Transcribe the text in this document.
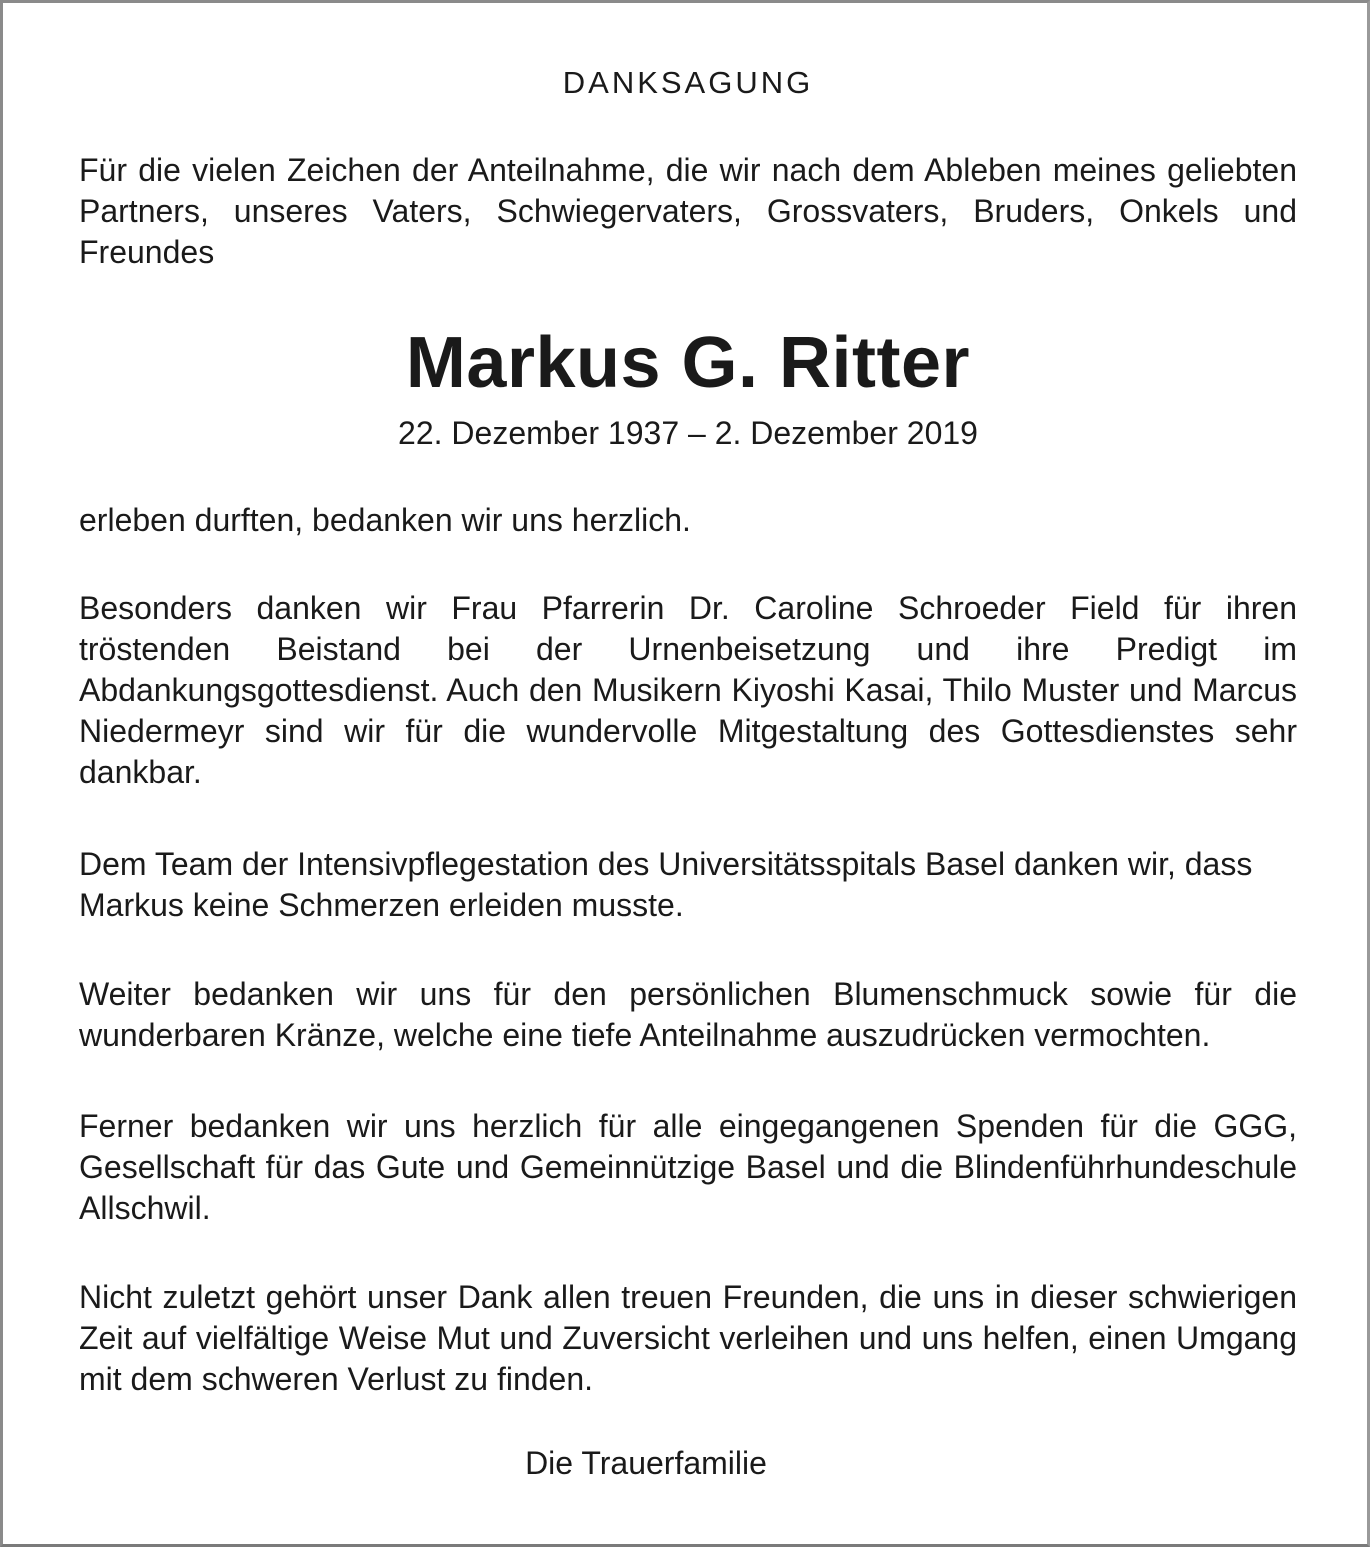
DANKSAGUNG

Für die vielen Zeichen der Anteilnahme, die wir nach dem Ableben meines geliebten Partners, unseres Vaters, Schwiegervaters, Grossvaters, Bruders, Onkels und Freundes

Markus G. Ritter
22. Dezember 1937 – 2. Dezember 2019

erleben durften, bedanken wir uns herzlich.

Besonders danken wir Frau Pfarrerin Dr. Caroline Schroeder Field für ihren tröstenden Beistand bei der Urnenbeisetzung und ihre Predigt im Abdankungsgottesdienst. Auch den Musikern Kiyoshi Kasai, Thilo Muster und Marcus Niedermeyr sind wir für die wundervolle Mitgestaltung des Gottesdienstes sehr dankbar.

Dem Team der Intensivpflegestation des Universitätsspitals Basel danken wir, dass Markus keine Schmerzen erleiden musste.

Weiter bedanken wir uns für den persönlichen Blumenschmuck sowie für die wunderbaren Kränze, welche eine tiefe Anteilnahme auszudrücken vermochten.

Ferner bedanken wir uns herzlich für alle eingegangenen Spenden für die GGG, Gesellschaft für das Gute und Gemeinnützige Basel und die Blindenführhundeschule Allschwil.

Nicht zuletzt gehört unser Dank allen treuen Freunden, die uns in dieser schwierigen Zeit auf vielfältige Weise Mut und Zuversicht verleihen und uns helfen, einen Umgang mit dem schweren Verlust zu finden.

Die Trauerfamilie
